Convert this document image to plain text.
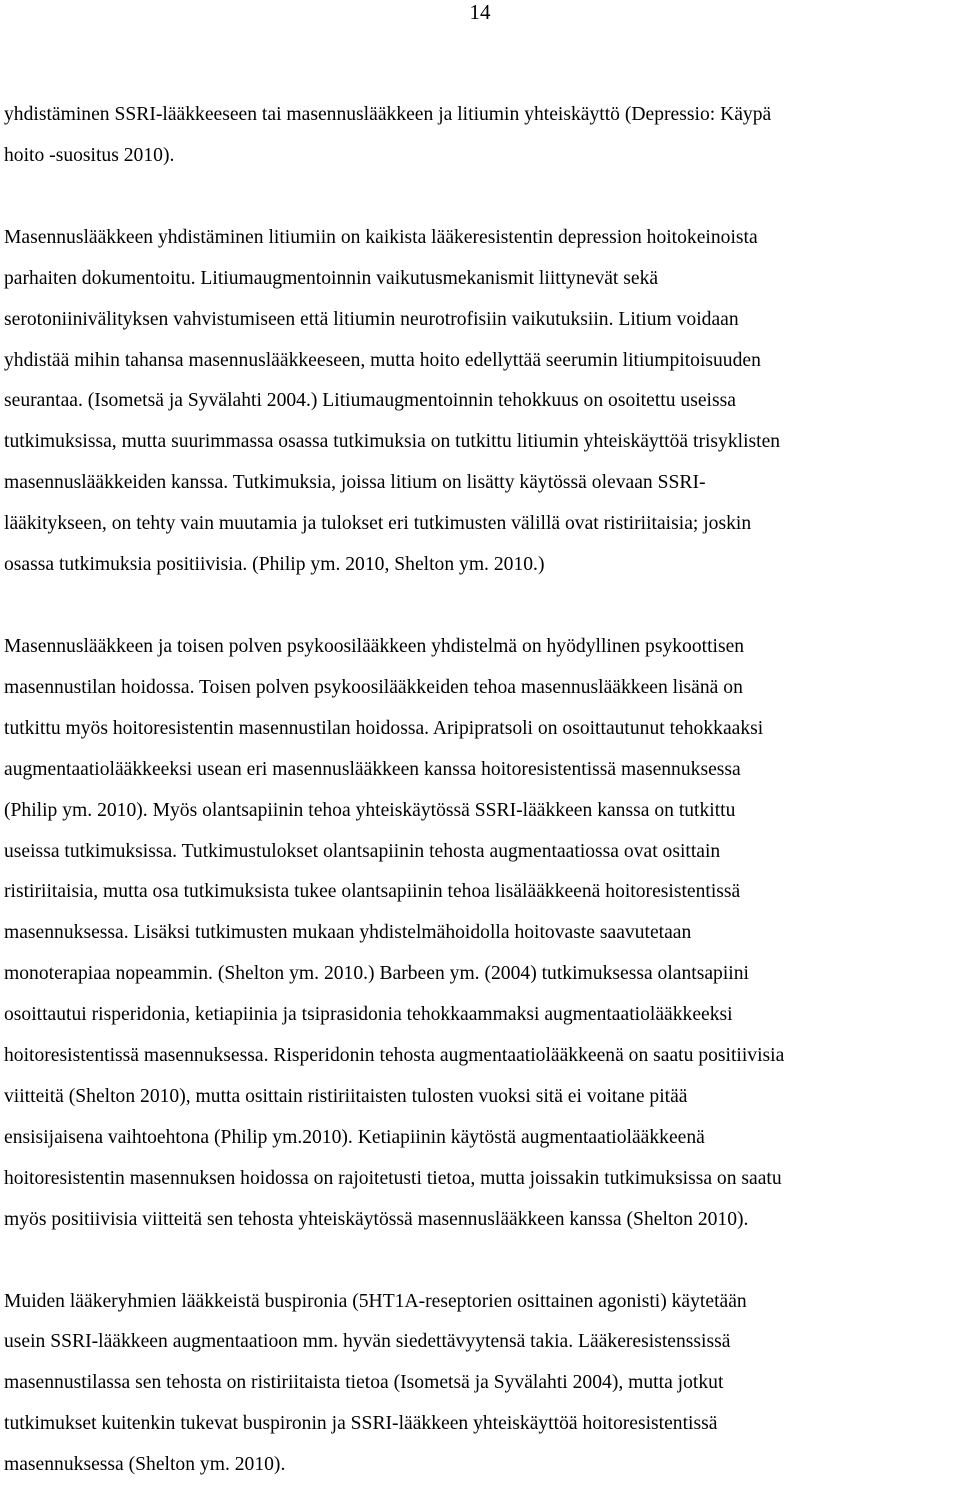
14

yhdistäminen SSRI-lääkkeeseen tai masennuslääkkeen ja litiumin yhteiskäyttö (Depressio: Käypä
hoito -suositus 2010).

Masennuslääkkeen yhdistäminen litiumiin on kaikista lääkeresistentin depression hoitokeinoista
parhaiten dokumentoitu. Litiumaugmentoinnin vaikutusmekanismit liittynevät sekä
serotoniinivälityksen vahvistumiseen että litiumin neurotrofisiin vaikutuksiin. Litium voidaan
yhdistää mihin tahansa masennuslääkkeeseen, mutta hoito edellyttää seerumin litiumpitoisuuden
seurantaa. (Isometsä ja Syvälahti 2004.) Litiumaugmentoinnin tehokkuus on osoitettu useissa
tutkimuksissa, mutta suurimmassa osassa tutkimuksia on tutkittu litiumin yhteiskäyttöä trisyklisten
masennuslääkkeiden kanssa. Tutkimuksia, joissa litium on lisätty käytössä olevaan SSRI-
lääkitykseen, on tehty vain muutamia ja tulokset eri tutkimusten välillä ovat ristiriitaisia; joskin
osassa tutkimuksia positiivisia. (Philip ym. 2010, Shelton ym. 2010.)

Masennuslääkkeen ja toisen polven psykoosilääkkeen yhdistelmä on hyödyllinen psykoottisen
masennustilan hoidossa. Toisen polven psykoosilääkkeiden tehoa masennuslääkkeen lisänä on
tutkittu myös hoitoresistentin masennustilan hoidossa. Aripipratsoli on osoittautunut tehokkaaksi
augmentaatiolääkkeeksi usean eri masennuslääkkeen kanssa hoitoresistentissä masennuksessa
(Philip ym. 2010). Myös olantsapiinin tehoa yhteiskäytössä SSRI-lääkkeen kanssa on tutkittu
useissa tutkimuksissa. Tutkimustulokset olantsapiinin tehosta augmentaatiossa ovat osittain
ristiriitaisia, mutta osa tutkimuksista tukee olantsapiinin tehoa lisälääkkeenä hoitoresistentissä
masennuksessa. Lisäksi tutkimusten mukaan yhdistelmähoidolla hoitovaste saavutetaan
monoterapiaa nopeammin. (Shelton ym. 2010.) Barbeen ym. (2004) tutkimuksessa olantsapiini
osoittautui risperidonia, ketiapiinia ja tsiprasidonia tehokkaammaksi augmentaatiolääkkeeksi
hoitoresistentissä masennuksessa. Risperidonin tehosta augmentaatiolääkkeenä on saatu positiivisia
viitteitä (Shelton 2010), mutta osittain ristiriitaisten tulosten vuoksi sitä ei voitane pitää
ensisijaisena vaihtoehtona (Philip ym.2010). Ketiapiinin käytöstä augmentaatiolääkkeenä
hoitoresistentin masennuksen hoidossa on rajoitetusti tietoa, mutta joissakin tutkimuksissa on saatu
myös positiivisia viitteitä sen tehosta yhteiskäytössä masennuslääkkeen kanssa (Shelton 2010).

Muiden lääkeryhmien lääkkeistä buspironia (5HT1A-reseptorien osittainen agonisti) käytetään
usein SSRI-lääkkeen augmentaatioon mm. hyvän siedettävyytensä takia. Lääkeresistenssissä
masennustilassa sen tehosta on ristiriitaista tietoa (Isometsä ja Syvälahti 2004), mutta jotkut
tutkimukset kuitenkin tukevat buspironin ja SSRI-lääkkeen yhteiskäyttöä hoitoresistentissä
masennuksessa (Shelton ym. 2010).
